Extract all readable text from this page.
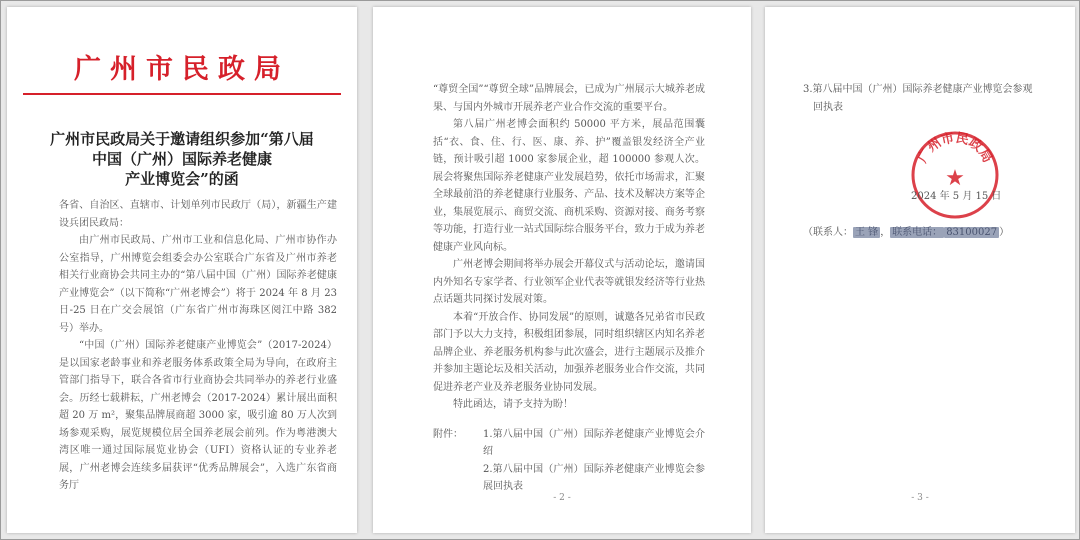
广州市民政局
广州市民政局关于邀请组织参加“第八届
中国（广州）国际养老健康
产业博览会”的函

各省、自治区、直辖市、计划单列市民政厅（局），新疆生产建设兵团民政局：

由广州市民政局、广州市工业和信息化局、广州市协作办公室指导，广州博览会组委会办公室联合广东省及广州市养老相关行业商协会共同主办的“第八届中国（广州）国际养老健康产业博览会”（以下简称“广州老博会”）将于 2024 年 8 月 23 日-25 日在广交会展馆（广东省广州市海珠区阅江中路 382 号）举办。

“中国（广州）国际养老健康产业博览会”（2017-2024）是以国家老龄事业和养老服务体系政策全局为导向，在政府主管部门指导下，联合各省市行业商协会共同举办的养老行业盛会。历经七载耕耘，广州老博会（2017-2024）累计展出面积超 20 万 m²，聚集品牌展商超 3000 家，吸引逾 80 万人次到场参观采购，展览规模位居全国养老展会前列。作为粤港澳大湾区唯一通过国际展览业协会（UFI）资格认证的专业养老展，广州老博会连续多届获评“优秀品牌展会”，入选广东省商务厅

“尊贸全国”“尊贸全球”品牌展会，已成为广州展示大城养老成果、与国内外城市开展养老产业合作交流的重要平台。

第八届广州老博会面积约 50000 平方米，展品范围囊括“衣、食、住、行、医、康、养、护”覆盖银发经济全产业链，预计吸引超 1000 家参展企业，超 100000 参观人次。展会将聚焦国际养老健康产业发展趋势，依托市场需求，汇聚全球最前沿的养老健康行业服务、产品、技术及解决方案等企业，集展览展示、商贸交流、商机采购、资源对接、商务考察等功能，打造行业一站式国际综合服务平台，致力于成为养老健康产业风向标。

广州老博会期间将举办展会开幕仪式与活动论坛，邀请国内外知名专家学者、行业领军企业代表等就银发经济等行业热点话题共同探讨发展对策。

本着“开放合作、协同发展”的原则，诚邀各兄弟省市民政部门予以大力支持，积极组团参展，同时组织辖区内知名养老品牌企业、养老服务机构参与此次盛会，进行主题展示及推介并参加主题论坛及相关活动，加强养老服务业合作交流，共同促进养老产业及养老服务业协同发展。

特此函达，请予支持为盼！

附件： 1.第八届中国（广州）国际养老健康产业博览会介绍
2.第八届中国（广州）国际养老健康产业博览会参展回执表
- 2 -
3.第八届中国（广州）国际养老健康产业博览会参观
回执表
广州市民政局
★
2024 年 5 月 15 日
（联系人： 王 锋 ， 联系电话： 83100027 ）
- 3 -
